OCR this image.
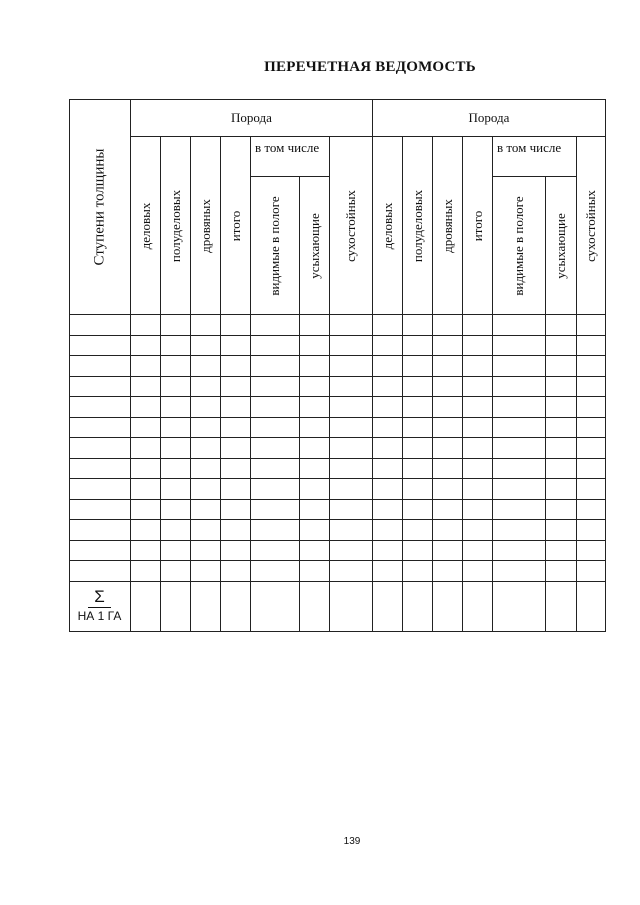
ПЕРЕЧЕТНАЯ ВЕДОМОСТЬ
Ступени толщины
Порода
деловых полуделовых дровяных итого
в том числе
видимые в пологе усыхающие сухостойных
Порода
деловых полуделовых дровяных итого
в том числе
видимые в пологе усыхающие сухостойных
Σ
НА 1 ГА
139
